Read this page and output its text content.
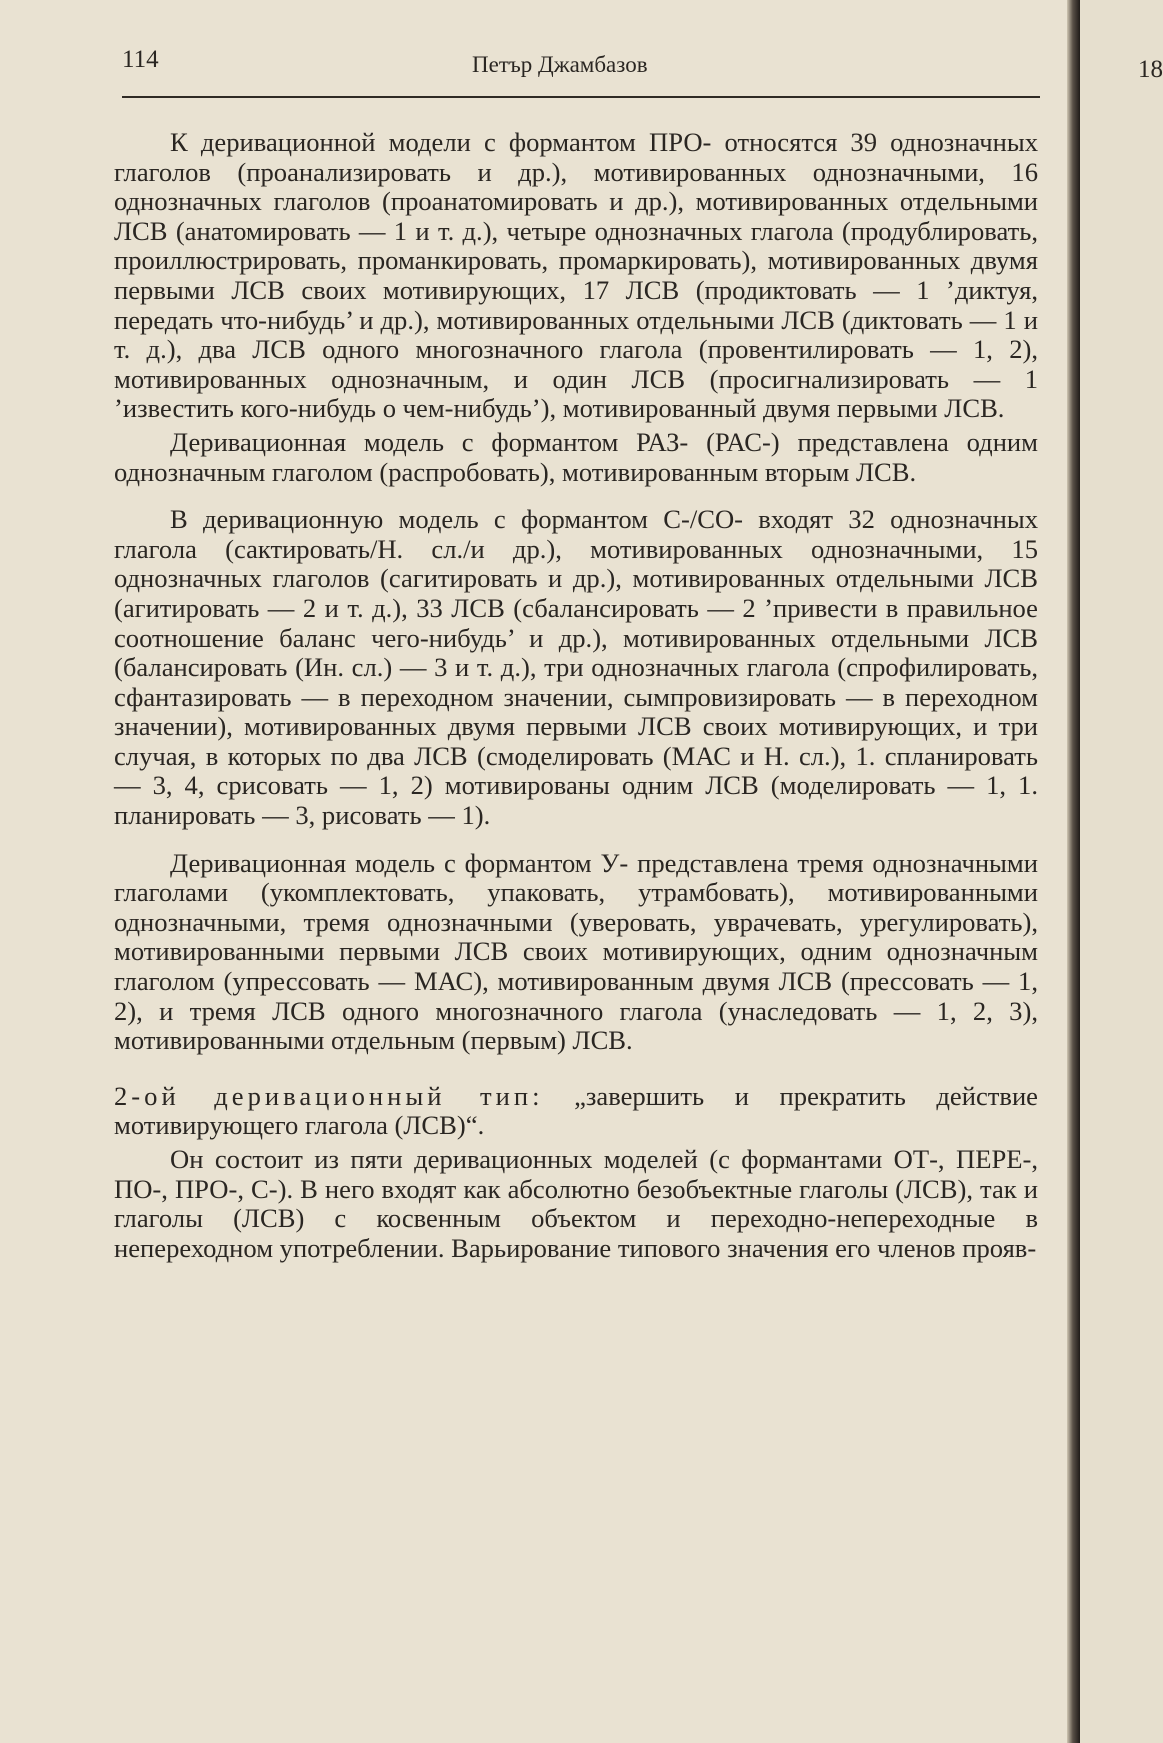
114	Петър Джамбазов	18

К деривационной модели с формантом ПРО- относятся 39 однозначных глаголов (проанализировать и др.), мотивированных однозначными, 16 однозначных глаголов (проанатомировать и др.), мотивированных отдельными ЛСВ (анатомировать — 1 и т. д.), четыре однозначных глагола (продублировать, проиллюстрировать, проманкировать, промаркировать), мотивированных двумя первыми ЛСВ своих мотивирующих, 17 ЛСВ (продиктовать — 1 ’диктуя, передать что-нибудь’ и др.), мотивированных отдельными ЛСВ (диктовать — 1 и т. д.), два ЛСВ одного многозначного глагола (провентилировать — 1, 2), мотивированных однозначным, и один ЛСВ (просигнализировать — 1 ’известить кого-нибудь о чем-нибудь’), мотивированный двумя первыми ЛСВ.

Деривационная модель с формантом РАЗ- (РАС-) представлена одним однозначным глаголом (распробовать), мотивированным вторым ЛСВ.

В деривационную модель с формантом С-/СО- входят 32 однозначных глагола (сактировать/Н. сл./и др.), мотивированных однозначными, 15 однозначных глаголов (сагитировать и др.), мотивированных отдельными ЛСВ (агитировать — 2 и т. д.), 33 ЛСВ (сбалансировать — 2 ’привести в правильное соотношение баланс чего-нибудь’ и др.), мотивированных отдельными ЛСВ (балансировать (Ин. сл.) — 3 и т. д.), три однозначных глагола (спрофилировать, сфантазировать — в переходном значении, сымпровизировать — в переходном значении), мотивированных двумя первыми ЛСВ своих мотивирующих, и три случая, в которых по два ЛСВ (смоделировать (МАС и Н. сл.), 1. спланировать — 3, 4, срисовать — 1, 2) мотивированы одним ЛСВ (моделировать — 1, 1. планировать — 3, рисовать — 1).

Деривационная модель с формантом У- представлена тремя однозначными глаголами (укомплектовать, упаковать, утрамбовать), мотивированными однозначными, тремя однозначными (уверовать, уврачевать, урегулировать), мотивированными первыми ЛСВ своих мотивирующих, одним однозначным глаголом (упрессовать — МАС), мотивированным двумя ЛСВ (прессовать — 1, 2), и тремя ЛСВ одного многозначного глагола (унаследовать — 1, 2, 3), мотивированными отдельным (первым) ЛСВ.

2-ой деривационный тип: „завершить и прекратить действие мотивирующего глагола (ЛСВ)“.

Он состоит из пяти деривационных моделей (с формантами ОТ-, ПЕРЕ-, ПО-, ПРО-, С-). В него входят как абсолютно безобъектные глаголы (ЛСВ), так и глаголы (ЛСВ) с косвенным объектом и переходно-непереходные в непереходном употреблении. Варьирование типового значения его членов прояв-
